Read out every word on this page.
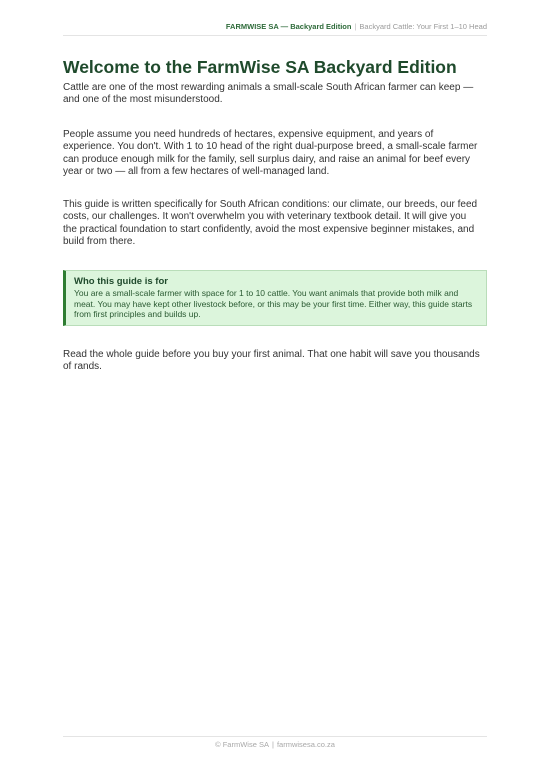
FARMWISE SA — Backyard Edition | Backyard Cattle: Your First 1–10 Head
Welcome to the FarmWise SA Backyard Edition

Cattle are one of the most rewarding animals a small-scale South African farmer can keep — and one of the most misunderstood.

People assume you need hundreds of hectares, expensive equipment, and years of experience. You don't. With 1 to 10 head of the right dual-purpose breed, a small-scale farmer can produce enough milk for the family, sell surplus dairy, and raise an animal for beef every year or two — all from a few hectares of well-managed land.

This guide is written specifically for South African conditions: our climate, our breeds, our feed costs, our challenges. It won't overwhelm you with veterinary textbook detail. It will give you the practical foundation to start confidently, avoid the most expensive beginner mistakes, and build from there.

Who this guide is for

You are a small-scale farmer with space for 1 to 10 cattle. You want animals that provide both milk and meat. You may have kept other livestock before, or this may be your first time. Either way, this guide starts from first principles and builds up.

Read the whole guide before you buy your first animal. That one habit will save you thousands of rands.

© FarmWise SA | farmwisesa.co.za
